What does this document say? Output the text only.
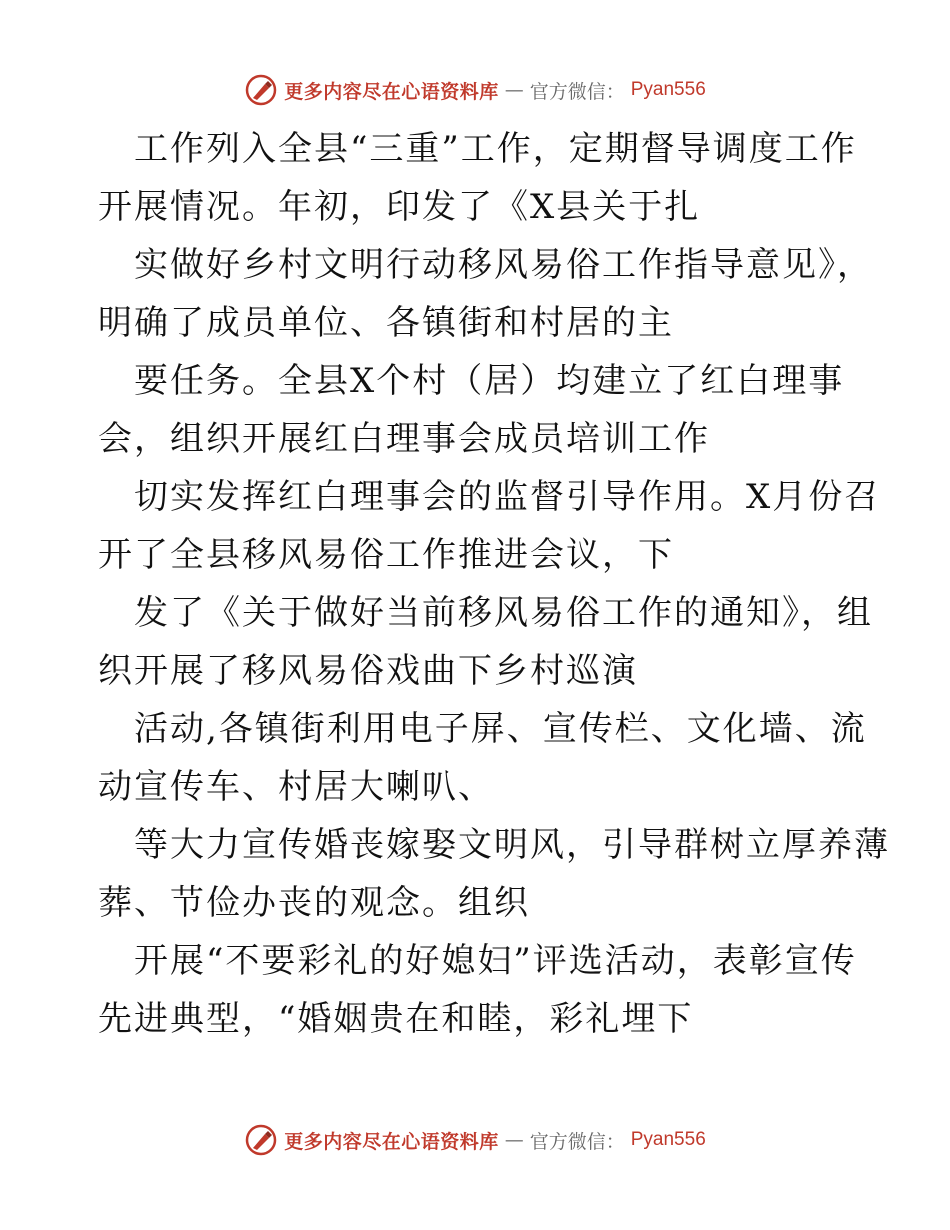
更多内容尽在心语资料库 — 官方微信： Pyan556
工作列入全县“三重”工作，定期督导调度工作
开展情况。年初，印发了《X县关于扎
实做好乡村文明行动移风易俗工作指导意见》，
明确了成员单位、各镇街和村居的主
要任务。全县X个村（居）均建立了红白理事
会，组织开展红白理事会成员培训工作
切实发挥红白理事会的监督引导作用。X月份召
开了全县移风易俗工作推进会议，下
发了《关于做好当前移风易俗工作的通知》，组
织开展了移风易俗戏曲下乡村巡演
活动,各镇街利用电子屏、宣传栏、文化墙、流
动宣传车、村居大喇叭、
等大力宣传婚丧嫁娶文明风，引导群树立厚养薄
葬、节俭办丧的观念。组织
开展“不要彩礼的好媳妇”评选活动，表彰宣传
先进典型，“婚姻贵在和睦，彩礼埋下
更多内容尽在心语资料库 — 官方微信： Pyan556
